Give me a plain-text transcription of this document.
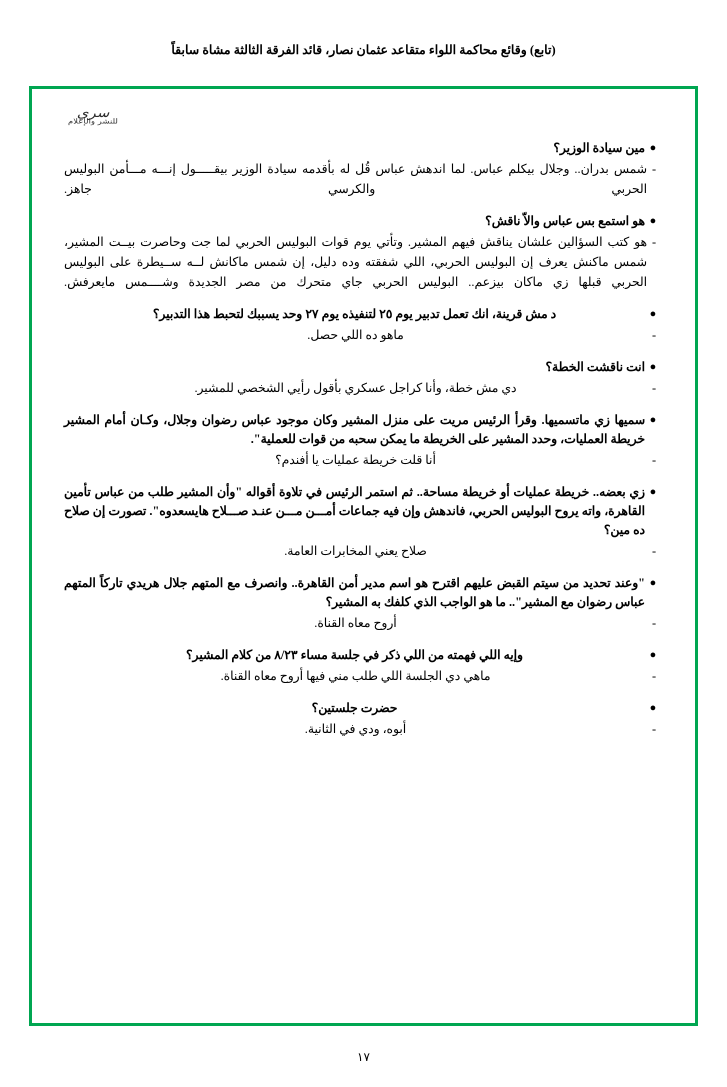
(تابع) وقائع محاكمة اللواء متقاعد عثمان نصار، قائد الفرقة الثالثة مشاة سابقاً
سري
للنشر والإعلام
●
مين سيادة الوزير؟
-
شمس بدران.. وجلال بيكلم عباس. لما اندهش عباس قُل له بأقدمه سيادة الوزير بيقـــــول إنـــه مـــأمن البوليس الحربي والكرسي جاهز.
●
هو استمع بس عباس والاّ ناقش؟
-
هو كتب السؤالين علشان يناقش فيهم المشير. وتأتي يوم قوات البوليس الحربي لما جت وحاصرت بيــت المشير، شمس ماكنش يعرف إن البوليس الحربي، اللي شفقته وده دليل، إن شمس ماكانش لــه ســيطرة على البوليس الحربي قبلها زي ماكان بيزعم.. البوليس الحربي جاي متحرك من مصر الجديدة وشــــمس مايعرفش.
●
د مش قرينة، انك تعمل تدبير يوم ٢٥ لتنفيذه يوم ٢٧ وحد يسببك لتحبط هذا التدبير؟
-
ماهو ده اللي حصل.
●
انت ناقشت الخطة؟
-
دي مش خطة، وأنا كراجل عسكري بأقول رأيي الشخصي للمشير.
●
سميها زي ماتسميها. وقرأ الرئيس مريت على منزل المشير وكان موجود عباس رضوان وجلال، وكـان أمام المشير خريطة العمليات، وحدد المشير على الخريطة ما يمكن سحبه من قوات للعملية".
-
أنا قلت خريطة عمليات يا أفندم؟
●
زي بعضه.. خريطة عمليات أو خريطة مساحة.. ثم استمر الرئيس في تلاوة أقواله "وأن المشير طلب من عباس تأمين القاهرة، واته يروح البوليس الحربي، فاندهش وإن فيه جماعات أمـــن مـــن عنـد صـــلاح هايسعدوه". تصورت إن صلاح ده مين؟
-
صلاح يعني المخابرات العامة.
●
"وعند تحديد من سيتم القبض عليهم اقترح هو اسم مدير أمن القاهرة.. وانصرف مع المتهم جلال هريدي تاركاً المتهم عباس رضوان مع المشير".. ما هو الواجب الذي كلفك به المشير؟
-
أروح معاه القناة.
●
وإيه اللي فهمته من اللي ذكر في جلسة مساء ٨/٢٣ من كلام المشير؟
-
ماهي دي الجلسة اللي طلب مني فيها أروح معاه القناة.
●
حضرت جلستين؟
-
أبوه، ودي في الثانية.
١٧
